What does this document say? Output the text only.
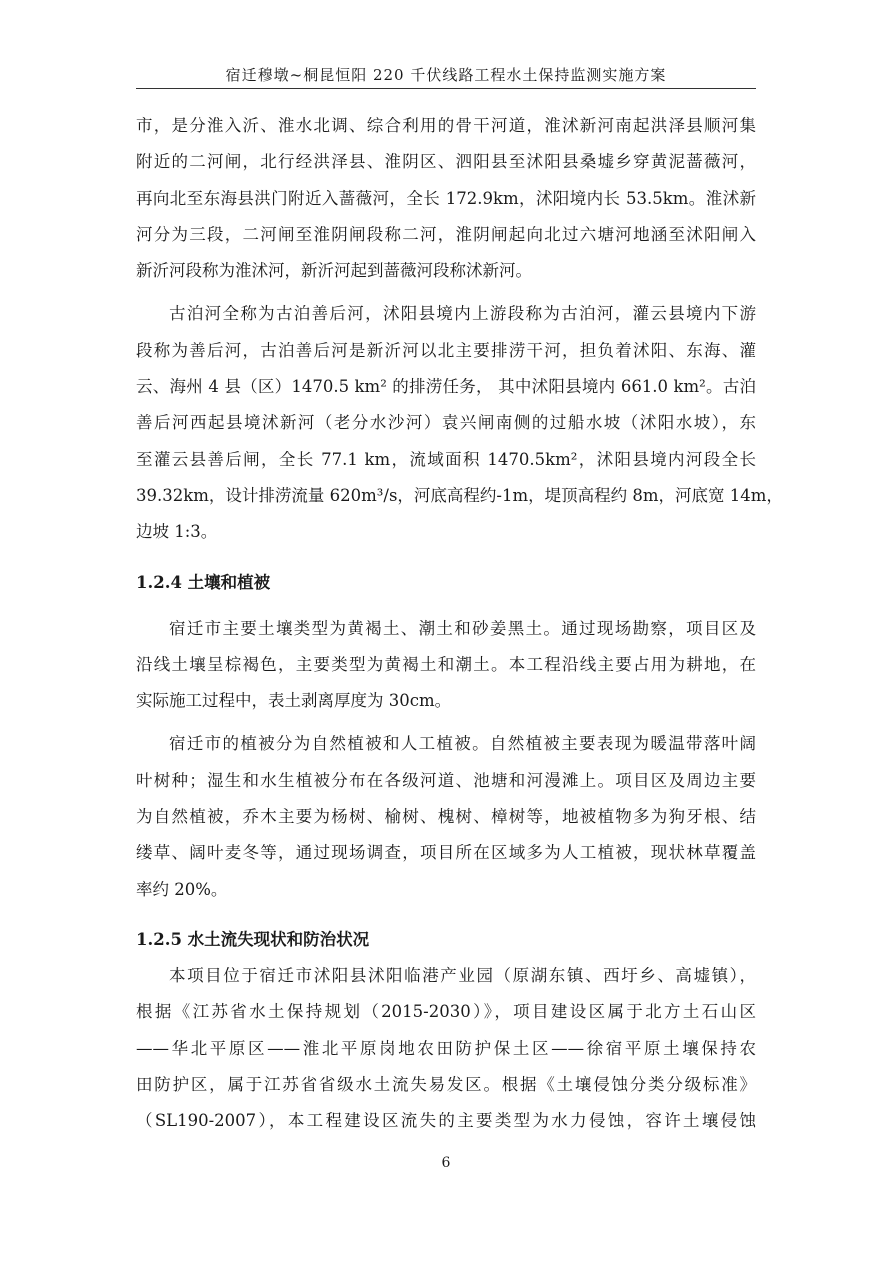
宿迁穆墩~桐昆恒阳 220 千伏线路工程水土保持监测实施方案
市，是分淮入沂、淮水北调、综合利用的骨干河道，淮沭新河南起洪泽县顺河集
附近的二河闸，北行经洪泽县、淮阴区、泗阳县至沭阳县桑墟乡穿黄泥蔷薇河，
再向北至东海县洪门附近入蔷薇河，全长 172.9km，沭阳境内长 53.5km。淮沭新
河分为三段，二河闸至淮阴闸段称二河，淮阴闸起向北过六塘河地涵至沭阳闸入
新沂河段称为淮沭河，新沂河起到蔷薇河段称沭新河。
古泊河全称为古泊善后河，沭阳县境内上游段称为古泊河，灌云县境内下游
段称为善后河，古泊善后河是新沂河以北主要排涝干河，担负着沭阳、东海、灌
云、海州 4 县（区）1470.5 km² 的排涝任务， 其中沭阳县境内 661.0 km²。古泊
善后河西起县境沭新河（老分水沙河）袁兴闸南侧的过船水坡（沭阳水坡），东
至灌云县善后闸，全长 77.1 km，流域面积 1470.5km²，沭阳县境内河段全长
39.32km，设计排涝流量 620m³/s，河底高程约-1m，堤顶高程约 8m，河底宽 14m，
边坡 1:3。
1.2.4 土壤和植被
宿迁市主要土壤类型为黄褐土、潮土和砂姜黑土。通过现场勘察，项目区及
沿线土壤呈棕褐色，主要类型为黄褐土和潮土。本工程沿线主要占用为耕地，在
实际施工过程中，表土剥离厚度为 30cm。
宿迁市的植被分为自然植被和人工植被。自然植被主要表现为暖温带落叶阔
叶树种；湿生和水生植被分布在各级河道、池塘和河漫滩上。项目区及周边主要
为自然植被，乔木主要为杨树、榆树、槐树、樟树等，地被植物多为狗牙根、结
缕草、阔叶麦冬等，通过现场调查，项目所在区域多为人工植被，现状林草覆盖
率约 20%。
1.2.5 水土流失现状和防治状况
本项目位于宿迁市沭阳县沭阳临港产业园（原湖东镇、西圩乡、高墟镇），
根据《江苏省水土保持规划（2015-2030）》，项目建设区属于北方土石山区
——华北平原区——淮北平原岗地农田防护保土区——徐宿平原土壤保持农
田防护区，属于江苏省省级水土流失易发区。根据《土壤侵蚀分类分级标准》
（SL190-2007），本工程建设区流失的主要类型为水力侵蚀，容许土壤侵蚀
6
